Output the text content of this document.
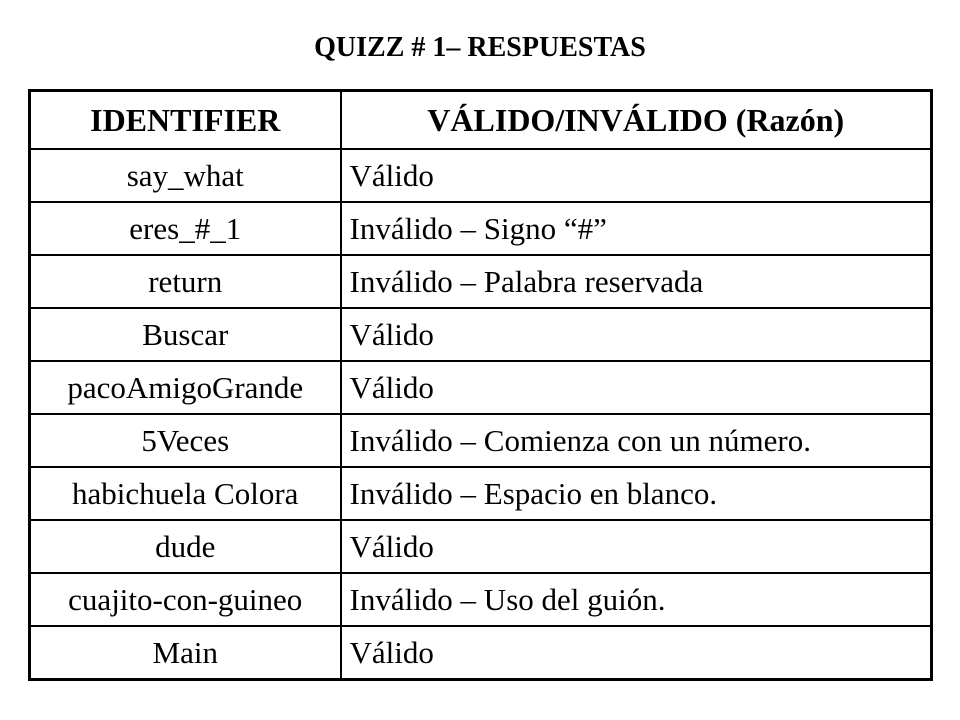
QUIZZ # 1– RESPUESTAS
IDENTIFIER	VÁLIDO/INVÁLIDO (Razón)
say_what	Válido
eres_#_1	Inválido – Signo “#”
return	Inválido – Palabra reservada
Buscar	Válido
pacoAmigoGrande	Válido
5Veces	Inválido – Comienza con un número.
habichuela Colora	Inválido – Espacio en blanco.
dude	Válido
cuajito-con-guineo	Inválido – Uso del guión.
Main	Válido
